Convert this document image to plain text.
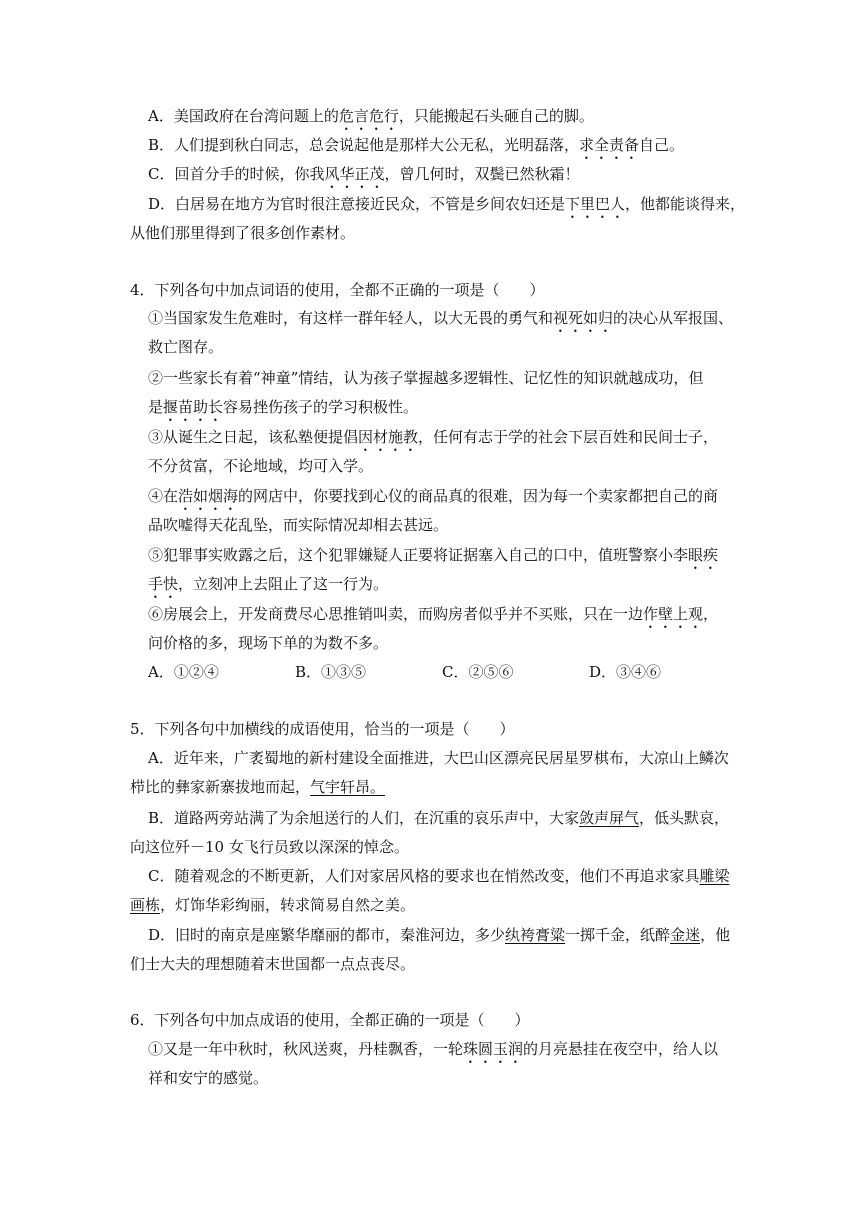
A．美国政府在台湾问题上的危言危行，只能搬起石头砸自己的脚。
B．人们提到秋白同志，总会说起他是那样大公无私，光明磊落，求全责备自己。
C．回首分手的时候，你我风华正茂，曾几何时，双鬓已然秋霜！
D．白居易在地方为官时很注意接近民众，不管是乡间农妇还是下里巴人，他都能谈得来，
从他们那里得到了很多创作素材。
4．下列各句中加点词语的使用，全都不正确的一项是（　　）
①当国家发生危难时，有这样一群年轻人，以大无畏的勇气和视死如归的决心从军报国、
救亡图存。
②一些家长有着“神童”情结，认为孩子掌握越多逻辑性、记忆性的知识就越成功，但
是揠苗助长容易挫伤孩子的学习积极性。
③从诞生之日起，该私塾便提倡因材施教，任何有志于学的社会下层百姓和民间士子，
不分贫富，不论地域，均可入学。
④在浩如烟海的网店中，你要找到心仪的商品真的很难，因为每一个卖家都把自己的商
品吹嘘得天花乱坠，而实际情况却相去甚远。
⑤犯罪事实败露之后，这个犯罪嫌疑人正要将证据塞入自己的口中，值班警察小李眼疾
手快，立刻冲上去阻止了这一行为。
⑥房展会上，开发商费尽心思推销叫卖，而购房者似乎并不买账，只在一边作壁上观，
问价格的多，现场下单的为数不多。
A．①②④	B．①③⑤	C．②⑤⑥	D．③④⑥
5．下列各句中加横线的成语使用，恰当的一项是（　　）
A．近年来，广袤蜀地的新村建设全面推进，大巴山区漂亮民居星罗棋布，大凉山上鳞次
栉比的彝家新寨拔地而起，气宇轩昂。
B．道路两旁站满了为余旭送行的人们，在沉重的哀乐声中，大家敛声屏气，低头默哀，
向这位歼－10 女飞行员致以深深的悼念。
C．随着观念的不断更新，人们对家居风格的要求也在悄然改变，他们不再追求家具雕梁
画栋，灯饰华彩绚丽，转求简易自然之美。
D．旧时的南京是座繁华靡丽的都市，秦淮河边，多少纨袴膏粱一掷千金，纸醉金迷，他
们士大夫的理想随着末世国都一点点丧尽。
6．下列各句中加点成语的使用，全都正确的一项是（　　）
①又是一年中秋时，秋风送爽，丹桂飘香，一轮珠圆玉润的月亮悬挂在夜空中，给人以
祥和安宁的感觉。
